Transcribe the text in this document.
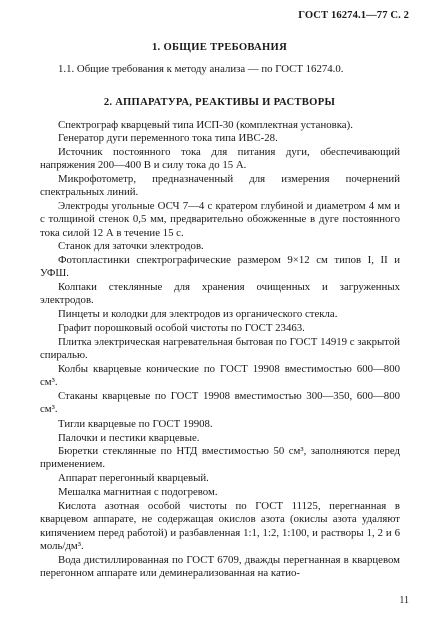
ГОСТ 16274.1—77 С. 2
1. ОБЩИЕ ТРЕБОВАНИЯ
1.1. Общие требования к методу анализа — по ГОСТ 16274.0.
2. АППАРАТУРА, РЕАКТИВЫ И РАСТВОРЫ
Спектрограф кварцевый типа ИСП-30 (комплектная установка).
Генератор дуги переменного тока типа ИВС-28.
Источник постоянного тока для питания дуги, обеспечивающий напряжения 200—400 В и силу тока до 15 А.
Микрофотометр, предназначенный для измерения почернений спектральных линий.
Электроды угольные ОСЧ 7—4 с кратером глубиной и диаметром 4 мм и с толщиной стенок 0,5 мм, предварительно обожженные в дуге постоянного тока силой 12 А в течение 15 с.
Станок для заточки электродов.
Фотопластинки спектрографические размером 9×12 см типов I, II и УФШ.
Колпаки стеклянные для хранения очищенных и загруженных электродов.
Пинцеты и колодки для электродов из органического стекла.
Графит порошковый особой чистоты по ГОСТ 23463.
Плитка электрическая нагревательная бытовая по ГОСТ 14919 с закрытой спиралью.
Колбы кварцевые конические по ГОСТ 19908 вместимостью 600—800 см³.
Стаканы кварцевые по ГОСТ 19908 вместимостью 300—350, 600—800 см³.
Тигли кварцевые по ГОСТ 19908.
Палочки и пестики кварцевые.
Бюретки стеклянные по НТД вместимостью 50 см³, заполняются перед применением.
Аппарат перегонный кварцевый.
Мешалка магнитная с подогревом.
Кислота азотная особой чистоты по ГОСТ 11125, перегнанная в кварцевом аппарате, не содержащая окислов азота (окислы азота удаляют кипячением перед работой) и разбавленная 1:1, 1:2, 1:100, и растворы 1, 2 и 6 моль/дм³.
Вода дистиллированная по ГОСТ 6709, дважды перегнанная в кварцевом перегонном аппарате или деминерализованная на катио-
11
